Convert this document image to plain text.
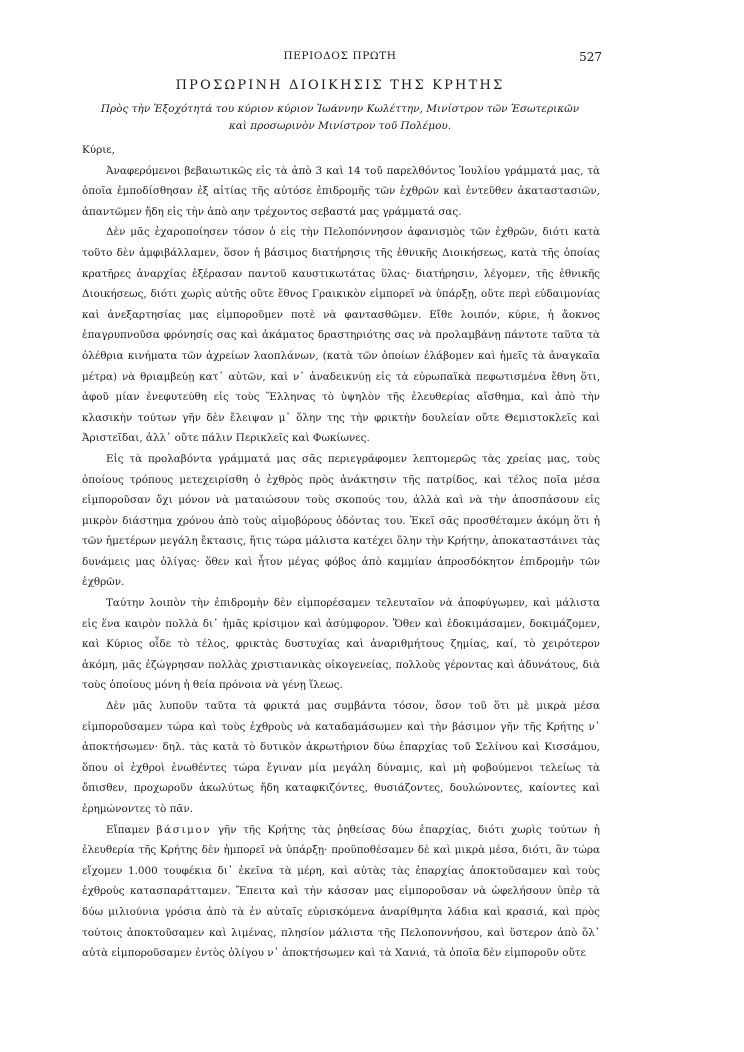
ΠΕΡΙΟΔΟΣ ΠΡΩΤΗ	527
ΠΡΟΣΩΡΙΝΗ ΔΙΟΙΚΗΣΙΣ ΤΗΣ ΚΡΗΤΗΣ
Πρὸς τὴν Ἐξοχότητά του κύριον κύριον Ἰωάννην Κωλέττην, Μινίστρον τῶν Ἐσωτερικῶν
καὶ προσωρινὸν Μινίστρον τοῦ Πολέμου.

Κύριε,

Ἀναφερόμενοι βεβαιωτικῶς εἰς τὰ ἀπὸ 3 καὶ 14 τοῦ παρελθόντος Ἰουλίου γράμματά μας, τὰ ὁποῖα ἐμποδίσθησαν ἐξ αἰτίας τῆς αὐτόσε ἐπιδρομῆς τῶν ἐχθρῶν καὶ ἐντεῦθεν ἀκαταστασιῶν, ἀπαντῶμεν ἤδη εἰς τὴν ἀπὸ αην τρέχοντος σεβαστά μας γράμματά σας.

Δὲν μᾶς ἐχαροποίησεν τόσον ὁ εἰς τὴν Πελοπόννησον ἀφανισμὸς τῶν ἐχθρῶν, διότι κατὰ τοῦτο δὲν ἀμφιβάλλαμεν, ὅσον ἡ βάσιμος διατήρησις τῆς ἐθνικῆς Διοικήσεως, κατὰ τῆς ὁποίας κρατῆρες ἀναρχίας ἐξέρασαν παντοῦ καυστικωτάτας ὕλας· διατήρησιν, λέγομεν, τῆς ἐθνικῆς Διοικήσεως, διότι χωρὶς αὐτῆς οὔτε ἔθνος Γραικικὸν εἰμπορεῖ νὰ ὑπάρξῃ, οὔτε περὶ εὐδαιμονίας καὶ ἀνεξαρτησίας μας εἰμποροῦμεν ποτὲ νὰ φαντασθῶμεν. Εἴθε λοιπόν, κύριε, ἡ ἄοκνος ἐπαγρυπνοῦσα φρόνησίς σας καὶ ἀκάματος δραστηριότης σας νὰ προλαμβάνῃ πάντοτε ταῦτα τὰ ὀλέθρια κινήματα τῶν ἀχρείων λαοπλάνων, (κατὰ τῶν ὁποίων ἐλάβομεν καὶ ἡμεῖς τὰ ἀναγκαῖα μέτρα) νὰ θριαμβεύῃ κατ᾽ αὐτῶν, καὶ ν᾽ ἀναδεικνύῃ εἰς τὰ εὐρωπαϊκὰ πεφωτισμένα ἔθνη ὅτι, ἀφοῦ μίαν ἐνεφυτεύθη εἰς τοὺς Ἕλληνας τὸ ὑψηλὸν τῆς ἐλευθερίας αἴσθημα, καὶ ἀπὸ τὴν κλασικὴν τούτων γῆν δὲν ἔλειψαν μ᾽ ὅλην της τὴν φρικτὴν δουλείαν οὔτε Θεμιστοκλεῖς καὶ Ἀριστεῖδαι, ἀλλ᾽ οὔτε πάλιν Περικλεῖς καὶ Φωκίωνες.

Εἰς τὰ προλαβόντα γράμματά μας σᾶς περιεγράφομεν λεπτομερῶς τὰς χρείας μας, τοὺς ὁποίους τρόπους μετεχειρίσθη ὁ ἐχθρὸς πρὸς ἀνάκτησιν τῆς πατρίδος, καὶ τέλος ποῖα μέσα εἰμποροῦσαν ὄχι μόνον νὰ ματαιώσουν τοὺς σκοπούς του, ἀλλὰ καὶ νὰ τὴν ἀποσπάσουν εἰς μικρὸν διάστημα χρόνου ἀπὸ τοὺς αἱμοβόρους ὀδόντας του. Ἐκεῖ σᾶς προσθέταμεν ἀκόμη ὅτι ἡ τῶν ἡμετέρων μεγάλη ἔκτασις, ἥτις τώρα μάλιστα κατέχει ὅλην τὴν Κρήτην, ἀποκαταστάινει τὰς δυνάμεις μας ὀλίγας· ὅθεν καὶ ἦτον μέγας φόβος ἀπὸ καμμίαν ἀπροσδόκητον ἐπιδρομὴν τῶν ἐχθρῶν.

Ταύτην λοιπὸν τὴν ἐπιδρομὴν δὲν εἰμπορέσαμεν τελευταῖον νὰ ἀποφύγωμεν, καὶ μάλιστα εἰς ἕνα καιρὸν πολλὰ δι᾽ ἡμᾶς κρίσιμον καὶ ἀσύμφορον. Ὅθεν καὶ ἐδοκιμάσαμεν, δοκιμάζομεν, καὶ Κύριος οἶδε τὸ τέλος, φρικτὰς δυστυχίας καὶ ἀναριθμήτους ζημίας, καί, τὸ χειρότερον ἀκόμη, μᾶς ἐζώγρησαν πολλὰς χριστιανικὰς οἰκογενείας, πολλοὺς γέροντας καὶ ἀδυνάτους, διὰ τοὺς ὁποίους μόνη ἡ θεία πρόνοια νὰ γένῃ ἵλεως.

Δὲν μᾶς λυποῦν ταῦτα τὰ φρικτά μας συμβάντα τόσον, ὅσον τοῦ ὅτι μὲ μικρὰ μέσα εἰμποροῦσαμεν τώρα καὶ τοὺς ἐχθροὺς νὰ καταδαμάσωμεν καὶ τὴν βάσιμον γῆν τῆς Κρήτης ν᾽ ἀποκτήσωμεν· δηλ. τὰς κατὰ τὸ δυτικὸν ἀκρωτήριον δύω ἐπαρχίας τοῦ Σελίνου καὶ Κισσάμου, ὅπου οἱ ἐχθροὶ ἑνωθέντες τώρα ἔγιναν μία μεγάλη δύναμις, καὶ μὴ φοβούμενοι τελείως τὰ ὄπισθεν, προχωροῦν ἀκωλύτως ἤδη καταφκιζόντες, θυσιάζοντες, δουλώνοντες, καίοντες καὶ ἐρημώνοντες τὸ πᾶν.

Εἴπαμεν βάσιμον γῆν τῆς Κρήτης τὰς ῥηθείσας δύω ἐπαρχίας, διότι χωρὶς τούτων ἡ ἐλευθερία τῆς Κρήτης δὲν ἠμπορεῖ νὰ ὑπάρξῃ· προϋποθέσαμεν δὲ καὶ μικρὰ μέσα, διότι, ἂν τώρα εἴχομεν 1.000 τουφέκια δι᾽ ἐκεῖνα τὰ μέρη, καὶ αὐτὰς τὰς ἐπαρχίας ἀποκτοῦσαμεν καὶ τοὺς ἐχθροὺς κατασπαράτταμεν. Ἔπειτα καὶ τὴν κάσσαν μας εἰμποροῦσαν νὰ ὠφελήσουν ὑπὲρ τὰ δύω μιλιούνια γρόσια ἀπὸ τὰ ἐν αὐταῖς εὑρισκόμενα ἀναρίθμητα λάδια καὶ κρασιά, καὶ πρὸς τούτοις ἀποκτοῦσαμεν καὶ λιμένας, πλησίον μάλιστα τῆς Πελοποννήσου, καὶ ὕστερον ἀπὸ ὅλ᾽ αὐτὰ εἰμποροῦσαμεν ἐντὸς ὀλίγου ν᾽ ἀποκτήσωμεν καὶ τὰ Χανιά, τὰ ὁποῖα δὲν εἰμποροῦν οὔτε
